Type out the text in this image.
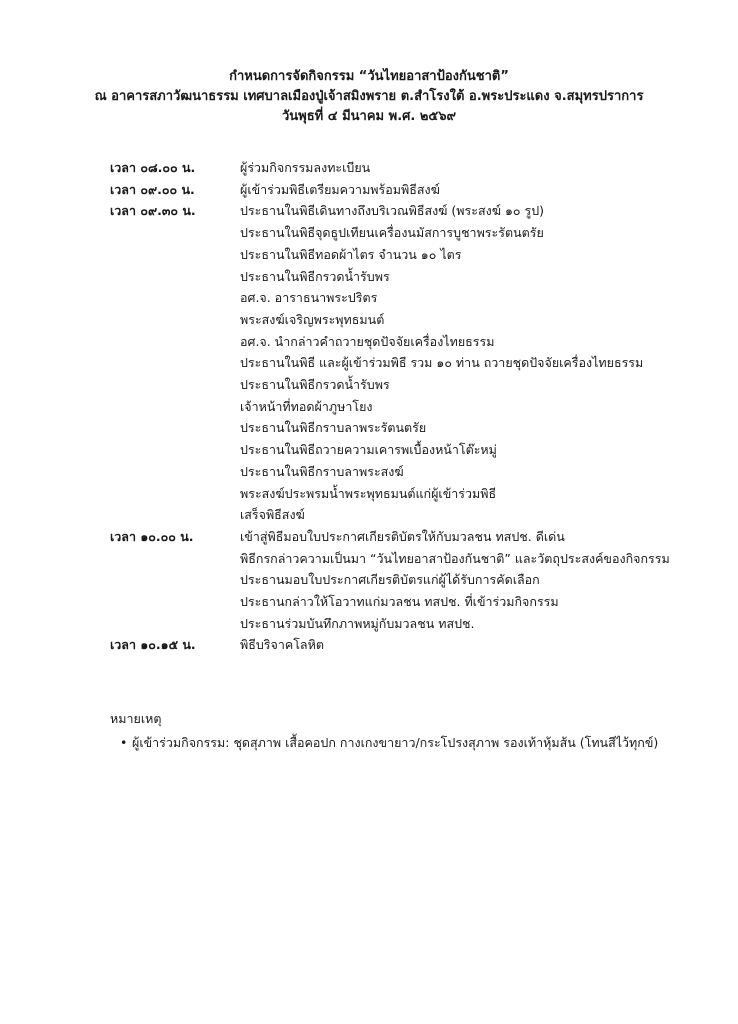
กำหนดการจัดกิจกรรม “วันไทยอาสาป้องกันชาติ”
ณ อาคารสภาวัฒนาธรรม เทศบาลเมืองปู่เจ้าสมิงพราย ต.สำโรงใต้ อ.พระประแดง จ.สมุทรปราการ
วันพุธที่ ๔ มีนาคม พ.ศ. ๒๕๖๙
เวลา ๐๘.๐๐ น.	ผู้ร่วมกิจกรรมลงทะเบียน
เวลา ๐๙.๐๐ น.	ผู้เข้าร่วมพิธีเตรียมความพร้อมพิธีสงฆ์
เวลา ๐๙.๓๐ น.	ประธานในพิธีเดินทางถึงบริเวณพิธีสงฆ์ (พระสงฆ์ ๑๐ รูป)
ประธานในพิธีจุดธูปเทียนเครื่องนมัสการบูชาพระรัตนตรัย
ประธานในพิธีทอดผ้าไตร จำนวน ๑๐ ไตร
ประธานในพิธีกรวดน้ำรับพร
อศ.จ. อาราธนาพระปริตร
พระสงฆ์เจริญพระพุทธมนต์
อศ.จ. นำกล่าวคำถวายชุดปัจจัยเครื่องไทยธรรม
ประธานในพิธี และผู้เข้าร่วมพิธี รวม ๑๐ ท่าน ถวายชุดปัจจัยเครื่องไทยธรรม
ประธานในพิธีกรวดน้ำรับพร
เจ้าหน้าที่ทอดผ้าภูษาโยง
ประธานในพิธีกราบลาพระรัตนตรัย
ประธานในพิธีถวายความเคารพเบื้องหน้าโต๊ะหมู่
ประธานในพิธีกราบลาพระสงฆ์
พระสงฆ์ประพรมน้ำพระพุทธมนต์แก่ผู้เข้าร่วมพิธี
เสร็จพิธีสงฆ์
เวลา ๑๐.๐๐ น.	เข้าสู่พิธีมอบใบประกาศเกียรติบัตรให้กับมวลชน ทสปช. ดีเด่น
พิธีกรกล่าวความเป็นมา “วันไทยอาสาป้องกันชาติ” และวัตถุประสงค์ของกิจกรรม
ประธานมอบใบประกาศเกียรติบัตรแก่ผู้ได้รับการคัดเลือก
ประธานกล่าวให้โอวาทแก่มวลชน ทสปช. ที่เข้าร่วมกิจกรรม
ประธานร่วมบันทึกภาพหมู่กับมวลชน ทสปช.
เวลา ๑๐.๑๕ น.	พิธีบริจาคโลหิต
หมายเหตุ
• ผู้เข้าร่วมกิจกรรม: ชุดสุภาพ เสื้อคอปก กางเกงขายาว/กระโปรงสุภาพ รองเท้าหุ้มส้น (โทนสีไว้ทุกข์)
